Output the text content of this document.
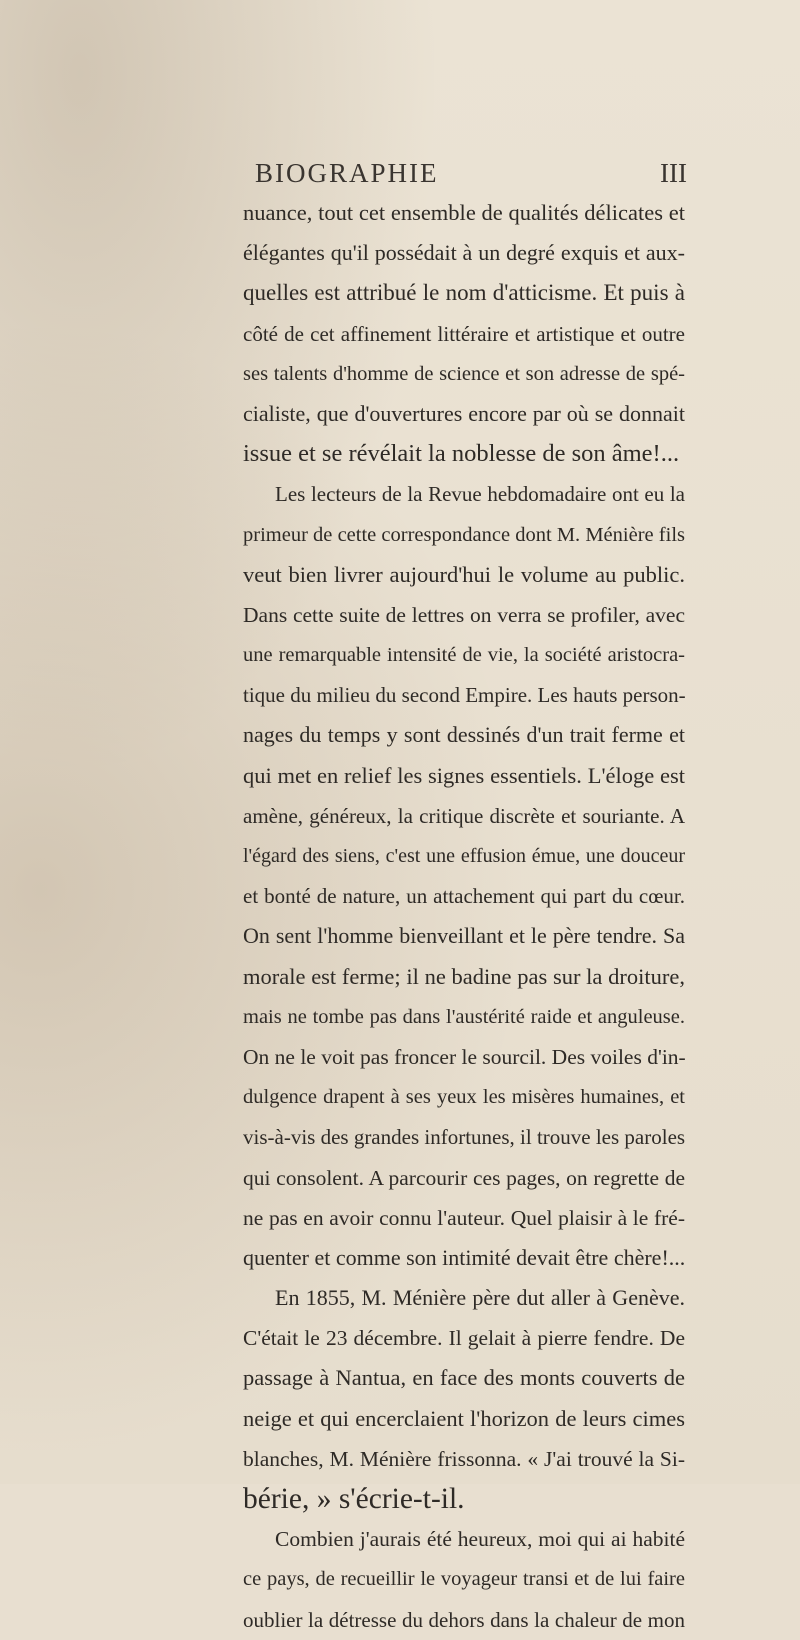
BIOGRAPHIE	III
nuance, tout cet ensemble de qualités délicates et
élégantes qu'il possédait à un degré exquis et aux-
quelles est attribué le nom d'atticisme. Et puis à
côté de cet affinement littéraire et artistique et outre
ses talents d'homme de science et son adresse de spé-
cialiste, que d'ouvertures encore par où se donnait
issue et se révélait la noblesse de son âme!...
Les lecteurs de la Revue hebdomadaire ont eu la
primeur de cette correspondance dont M. Ménière fils
veut bien livrer aujourd'hui le volume au public.
Dans cette suite de lettres on verra se profiler, avec
une remarquable intensité de vie, la société aristocra-
tique du milieu du second Empire. Les hauts person-
nages du temps y sont dessinés d'un trait ferme et
qui met en relief les signes essentiels. L'éloge est
amène, généreux, la critique discrète et souriante. A
l'égard des siens, c'est une effusion émue, une douceur
et bonté de nature, un attachement qui part du cœur.
On sent l'homme bienveillant et le père tendre. Sa
morale est ferme; il ne badine pas sur la droiture,
mais ne tombe pas dans l'austérité raide et anguleuse.
On ne le voit pas froncer le sourcil. Des voiles d'in-
dulgence drapent à ses yeux les misères humaines, et
vis-à-vis des grandes infortunes, il trouve les paroles
qui consolent. A parcourir ces pages, on regrette de
ne pas en avoir connu l'auteur. Quel plaisir à le fré-
quenter et comme son intimité devait être chère!...
En 1855, M. Ménière père dut aller à Genève.
C'était le 23 décembre. Il gelait à pierre fendre. De
passage à Nantua, en face des monts couverts de
neige et qui encerclaient l'horizon de leurs cimes
blanches, M. Ménière frissonna. « J'ai trouvé la Si-
bérie, » s'écrie-t-il.
Combien j'aurais été heureux, moi qui ai habité
ce pays, de recueillir le voyageur transi et de lui faire
oublier la détresse du dehors dans la chaleur de mon
